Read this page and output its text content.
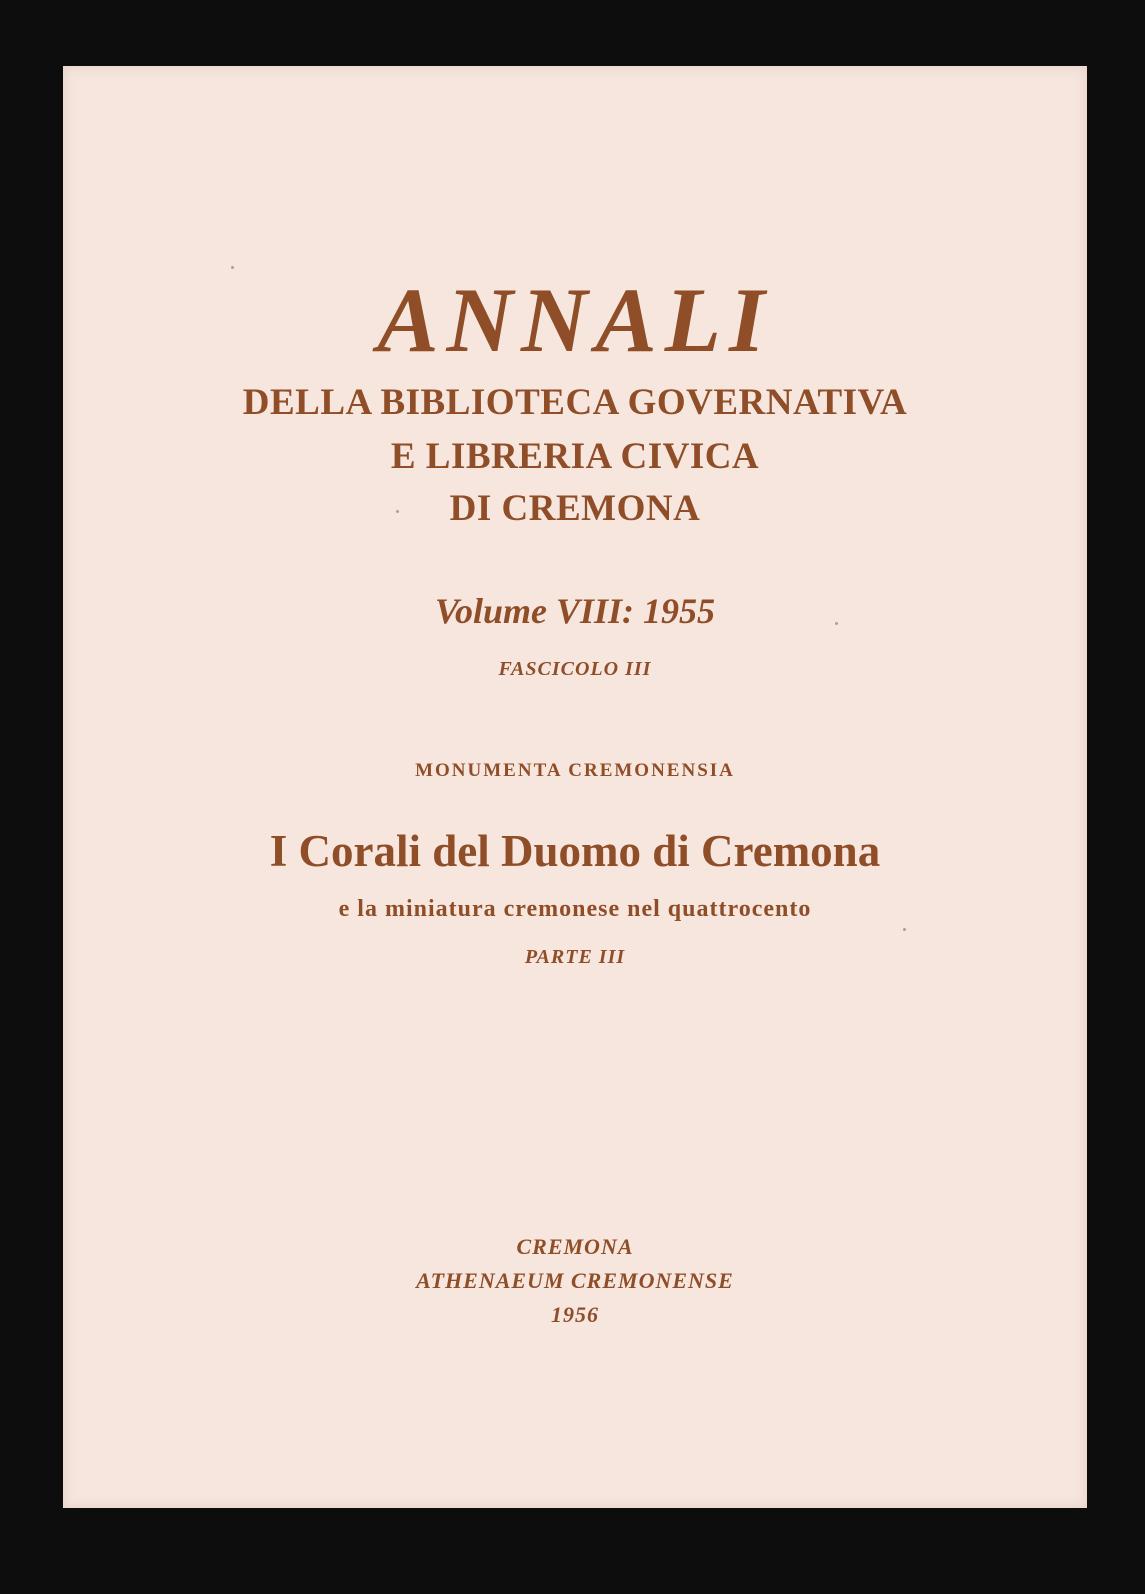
ANNALI
DELLA BIBLIOTECA GOVERNATIVA
E LIBRERIA CIVICA
DI CREMONA
Volume VIII: 1955
FASCICOLO III
MONUMENTA CREMONENSIA
I Corali del Duomo di Cremona
e la miniatura cremonese nel quattrocento
PARTE III
CREMONA
ATHENAEUM CREMONENSE
1956
